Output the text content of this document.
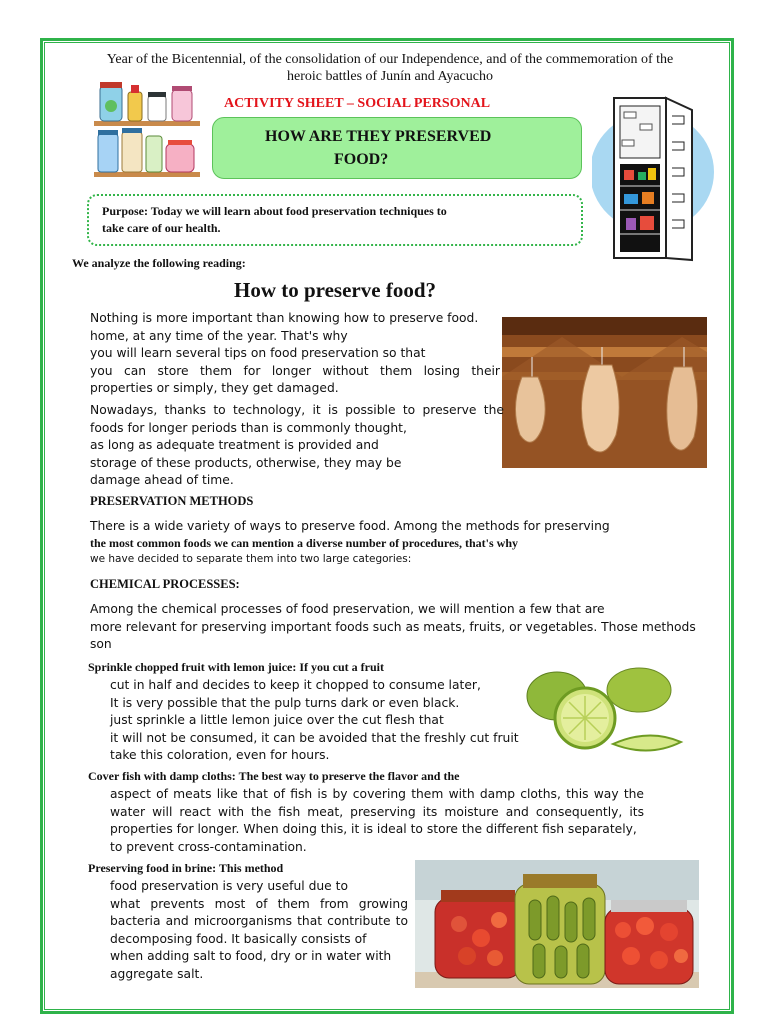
Year of the Bicentennial, of the consolidation of our Independence, and of the commemoration of the
heroic battles of Junín and Ayacucho
ACTIVITY SHEET – SOCIAL PERSONAL
HOW ARE THEY PRESERVED
FOOD?
Purpose: Today we will learn about food preservation techniques to
take care of our health.
We analyze the following reading:
How to preserve food?
Nothing is more important than knowing how to preserve food.
home, at any time of the year. That's why
you will learn several tips on food preservation so that
you can store them for longer without them losing their
properties or simply, they get damaged.
Nowadays, thanks to technology, it is possible to preserve the
foods for longer periods than is commonly thought,
as long as adequate treatment is provided and
storage of these products, otherwise, they may be
damage ahead of time.
PRESERVATION METHODS
There is a wide variety of ways to preserve food. Among the methods for preserving
the most common foods we can mention a diverse number of procedures, that's why
we have decided to separate them into two large categories:
CHEMICAL PROCESSES:
Among the chemical processes of food preservation, we will mention a few that are
more relevant for preserving important foods such as meats, fruits, or vegetables. Those methods
son
Sprinkle chopped fruit with lemon juice: If you cut a fruit
cut in half and decides to keep it chopped to consume later,
It is very possible that the pulp turns dark or even black.
just sprinkle a little lemon juice over the cut flesh that
it will not be consumed, it can be avoided that the freshly cut fruit
take this coloration, even for hours.
Cover fish with damp cloths: The best way to preserve the flavor and the
aspect of meats like that of fish is by covering them with damp cloths, this way the
water will react with the fish meat, preserving its moisture and consequently, its
properties for longer. When doing this, it is ideal to store the different fish separately,
to prevent cross-contamination.
Preserving food in brine: This method
food preservation is very useful due to
what prevents most of them from growing
bacteria and microorganisms that contribute to
decomposing food. It basically consists of
when adding salt to food, dry or in water with
aggregate salt.
